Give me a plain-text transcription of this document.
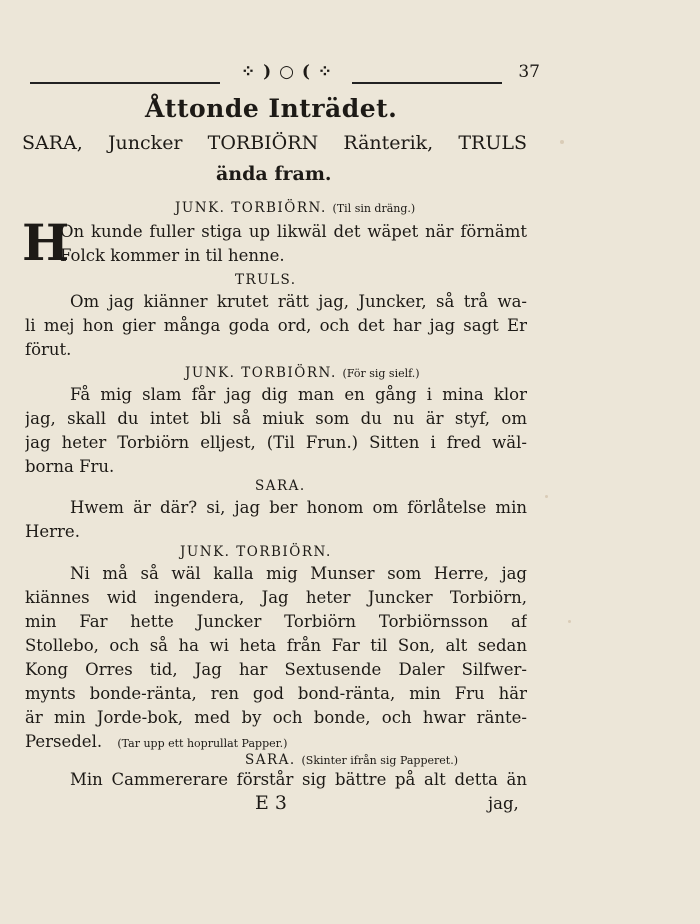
⁘ ) ○ ( ⁘	37
Åttonde Inträdet.
SARA, Juncker TORBIÖRN Ränterik, TRULS
ända fram.
JUNK. TORBIÖRN. (Til sin dräng.)
H
On kunde fuller stiga up likwäl det wäpet när förnämt
Folck kommer in til henne.
TRULS.
Om jag kiänner krutet rätt jag, Juncker, så trå wa-
li mej hon gier många goda ord, och det har jag sagt Er
förut.
JUNK. TORBIÖRN. (För sig sielf.)
Få mig slam får jag dig man en gång i mina klor
jag, skall du intet bli så miuk som du nu är styf, om
jag heter Torbiörn elljest, (Til Frun.) Sitten i fred wäl-
borna Fru.
SARA.
Hwem är där? si, jag ber honom om förlåtelse min
Herre.
JUNK. TORBIÖRN.
Ni må så wäl kalla mig Munser som Herre, jag
kiännes wid ingendera, Jag heter Juncker Torbiörn,
min Far hette Juncker Torbiörn Torbiörnsson af
Stollebo, och så ha wi heta från Far til Son, alt sedan
Kong Orres tid, Jag har Sextusende Daler Silfwer-
mynts bonde-ränta, ren god bond-ränta, min Fru här
är min Jorde-bok, med by och bonde, och hwar ränte-
Persedel. (Tar upp ett hoprullat Papper.)
SARA. (Skinter ifrån sig Papperet.)
Min Cammererare förstår sig bättre på alt detta än
E 3	jag,
